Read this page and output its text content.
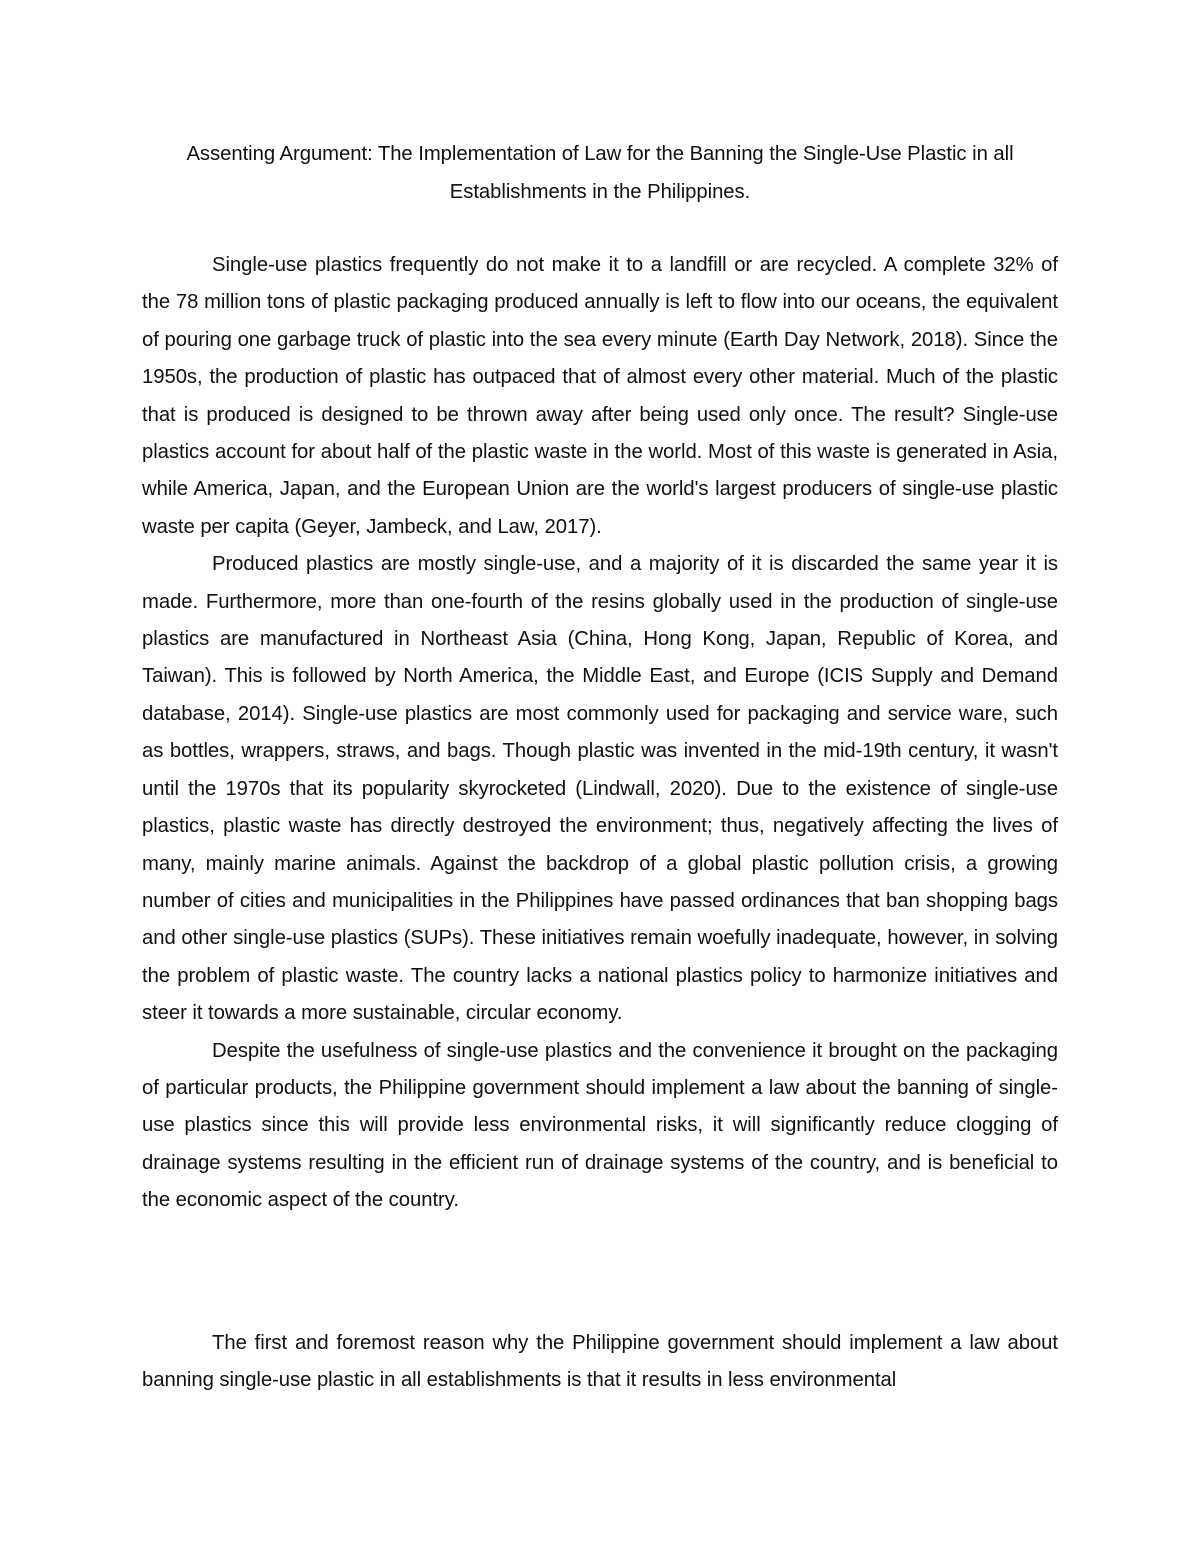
Assenting Argument: The Implementation of Law for the Banning the Single-Use Plastic in all Establishments in the Philippines.

Single-use plastics frequently do not make it to a landfill or are recycled. A complete 32% of the 78 million tons of plastic packaging produced annually is left to flow into our oceans, the equivalent of pouring one garbage truck of plastic into the sea every minute (Earth Day Network, 2018). Since the 1950s, the production of plastic has outpaced that of almost every other material. Much of the plastic that is produced is designed to be thrown away after being used only once. The result? Single-use plastics account for about half of the plastic waste in the world. Most of this waste is generated in Asia, while America, Japan, and the European Union are the world's largest producers of single-use plastic waste per capita (Geyer, Jambeck, and Law, 2017).

Produced plastics are mostly single-use, and a majority of it is discarded the same year it is made. Furthermore, more than one-fourth of the resins globally used in the production of single-use plastics are manufactured in Northeast Asia (China, Hong Kong, Japan, Republic of Korea, and Taiwan). This is followed by North America, the Middle East, and Europe (ICIS Supply and Demand database, 2014). Single-use plastics are most commonly used for packaging and service ware, such as bottles, wrappers, straws, and bags. Though plastic was invented in the mid-19th century, it wasn't until the 1970s that its popularity skyrocketed (Lindwall, 2020). Due to the existence of single-use plastics, plastic waste has directly destroyed the environment; thus, negatively affecting the lives of many, mainly marine animals. Against the backdrop of a global plastic pollution crisis, a growing number of cities and municipalities in the Philippines have passed ordinances that ban shopping bags and other single-use plastics (SUPs). These initiatives remain woefully inadequate, however, in solving the problem of plastic waste. The country lacks a national plastics policy to harmonize initiatives and steer it towards a more sustainable, circular economy.

Despite the usefulness of single-use plastics and the convenience it brought on the packaging of particular products, the Philippine government should implement a law about the banning of single-use plastics since this will provide less environmental risks, it will significantly reduce clogging of drainage systems resulting in the efficient run of drainage systems of the country, and is beneficial to the economic aspect of the country.

The first and foremost reason why the Philippine government should implement a law about banning single-use plastic in all establishments is that it results in less environmental
